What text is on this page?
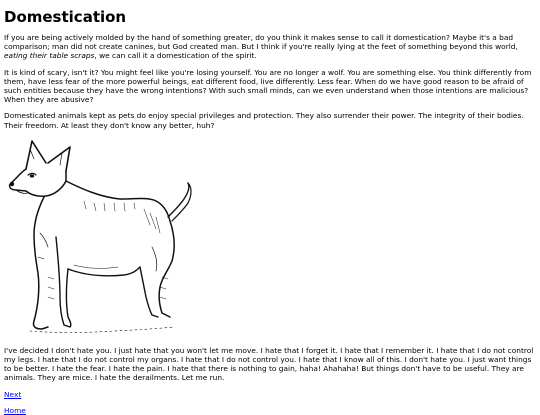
Domestication

If you are being actively molded by the hand of something greater, do you think it makes sense to call it domestication? Maybe it's a bad comparison; man did not create canines, but God created man. But I think if you're really lying at the feet of something beyond this world, eating their table scraps, we can call it a domestication of the spirit.

It is kind of scary, isn't it? You might feel like you're losing yourself. You are no longer a wolf. You are something else. You think differently from them, have less fear of the more powerful beings, eat different food, live differently. Less fear. When do we have good reason to be afraid of such entities because they have the wrong intentions? With such small minds, can we even understand when those intentions are malicious? When they are abusive?

Domesticated animals kept as pets do enjoy special privileges and protection. They also surrender their power. The integrity of their bodies. Their freedom. At least they don't know any better, huh?

I've decided I don't hate you. I just hate that you won't let me move. I hate that I forget it. I hate that I remember it. I hate that I do not control my legs. I hate that I do not control my organs. I hate that I do not control you. I hate that I know all of this. I don't hate you. I just want things to be better. I hate the fear. I hate the pain. I hate that there is nothing to gain, haha! Ahahaha! But things don't have to be useful. They are animals. They are mice. I hate the derailments. Let me run.

Next
Home
